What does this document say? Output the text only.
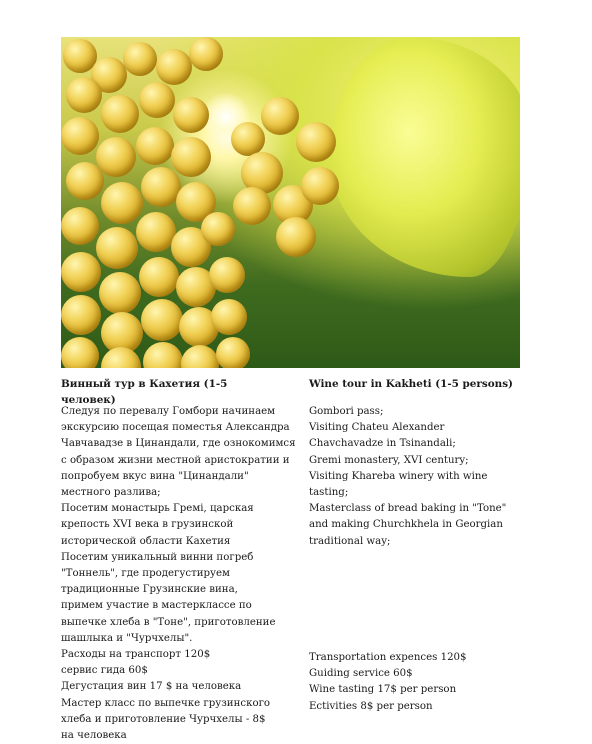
Винный тур в Кахетия (1-5 человек)
Следуя по перевалу Гомбори начинаем
экскурсию посещая поместья Александра
Чавчавадзе в Цинандали, где ознокомимся
с образом жизни местной аристократии и
попробуем вкус вина "Цинандали"
местного разлива;
Посетим монастырь Гремі, царская
крепость XVI века в грузинской
исторической области Кахетия
Посетим уникальный винни погреб
"Тоннель", где продегустируем
традиционные Грузинские вина,
примем участие в мастерклассе по
выпечке хлеба в "Тоне", приготовление
шашлыка и "Чурчхелы".
Расходы на транспорт 120$
сервис гида 60$
Дегустация вин 17 $ на человека
Мастер класс по выпечке грузинского
хлеба и приготовление Чурчхелы - 8$
на человека
Wine tour in Kakheti (1-5 persons)
Gombori pass;
Visiting Chateu Alexander
Chavchavadze in Tsinandali;
Gremi monastery, XVI century;
Visiting Khareba winery with wine
tasting;
Masterclass of bread baking in "Tone"
and making Churchkhela in Georgian
traditional way;
Transportation expences 120$
Guiding service 60$
Wine tasting 17$ per person
Ectivities 8$ per person
